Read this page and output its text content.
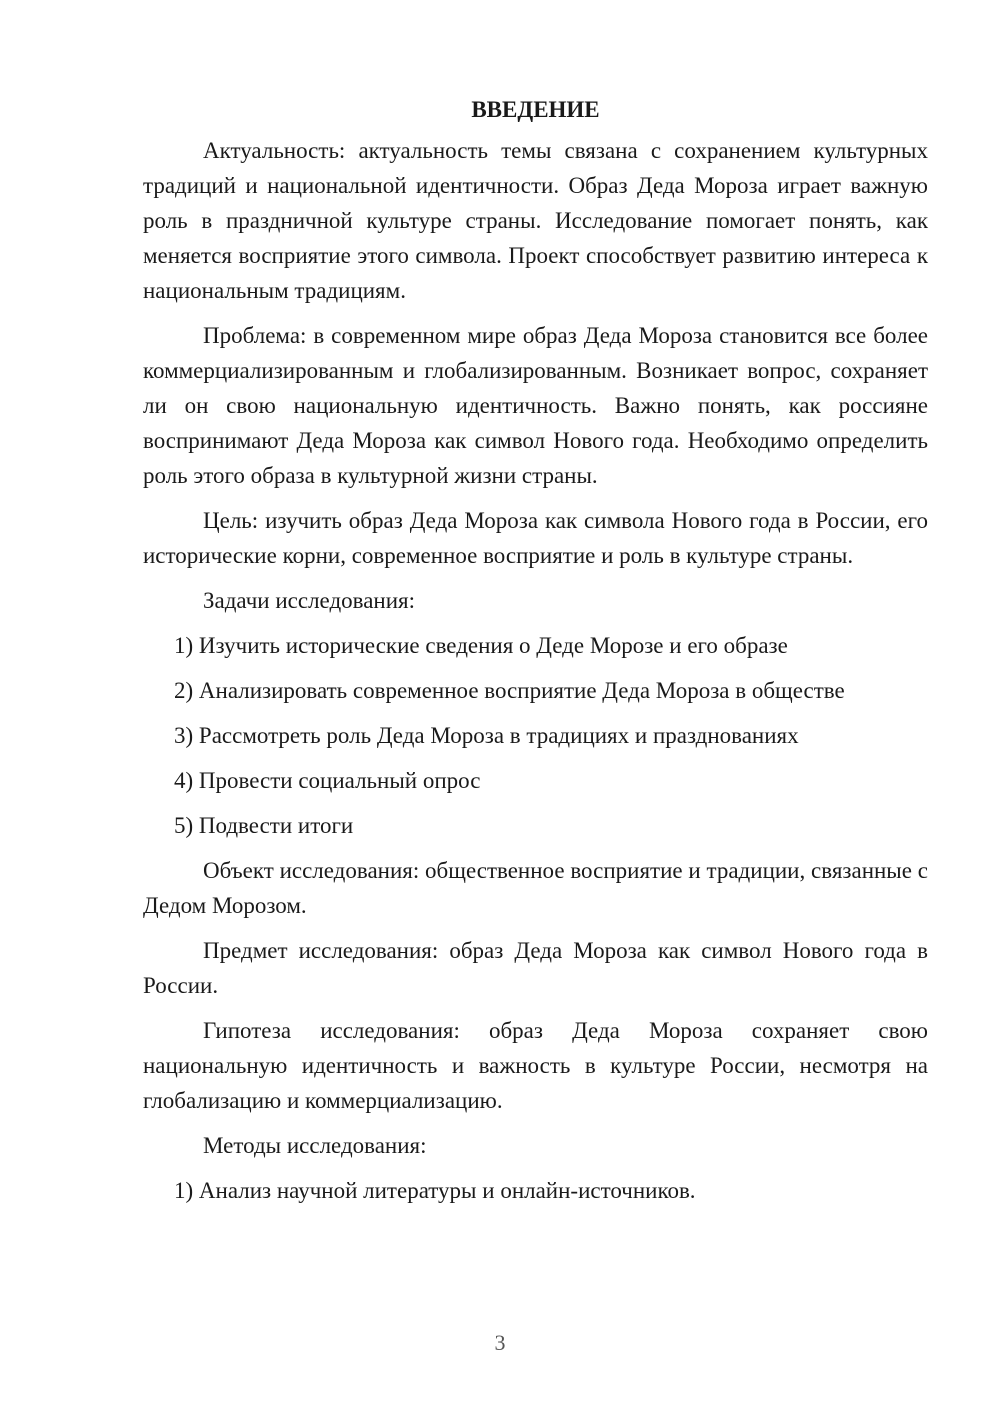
ВВЕДЕНИЕ

Актуальность: актуальность темы связана с сохранением культурных традиций и национальной идентичности. Образ Деда Мороза играет важную роль в праздничной культуре страны. Исследование помогает понять, как меняется восприятие этого символа. Проект способствует развитию интереса к национальным традициям.

Проблема: в современном мире образ Деда Мороза становится все более коммерциализированным и глобализированным. Возникает вопрос, сохраняет ли он свою национальную идентичность. Важно понять, как россияне воспринимают Деда Мороза как символ Нового года. Необходимо определить роль этого образа в культурной жизни страны.

Цель: изучить образ Деда Мороза как символа Нового года в России, его исторические корни, современное восприятие и роль в культуре страны.

Задачи исследования:

1) Изучить исторические сведения о Деде Морозе и его образе
2) Анализировать современное восприятие Деда Мороза в обществе
3) Рассмотреть роль Деда Мороза в традициях и празднованиях
4) Провести социальный опрос
5) Подвести итоги

Объект исследования: общественное восприятие и традиции, связанные с Дедом Морозом.

Предмет исследования: образ Деда Мороза как символ Нового года в России.

Гипотеза исследования: образ Деда Мороза сохраняет свою национальную идентичность и важность в культуре России, несмотря на глобализацию и коммерциализацию.

Методы исследования:

1) Анализ научной литературы и онлайн-источников.
3
